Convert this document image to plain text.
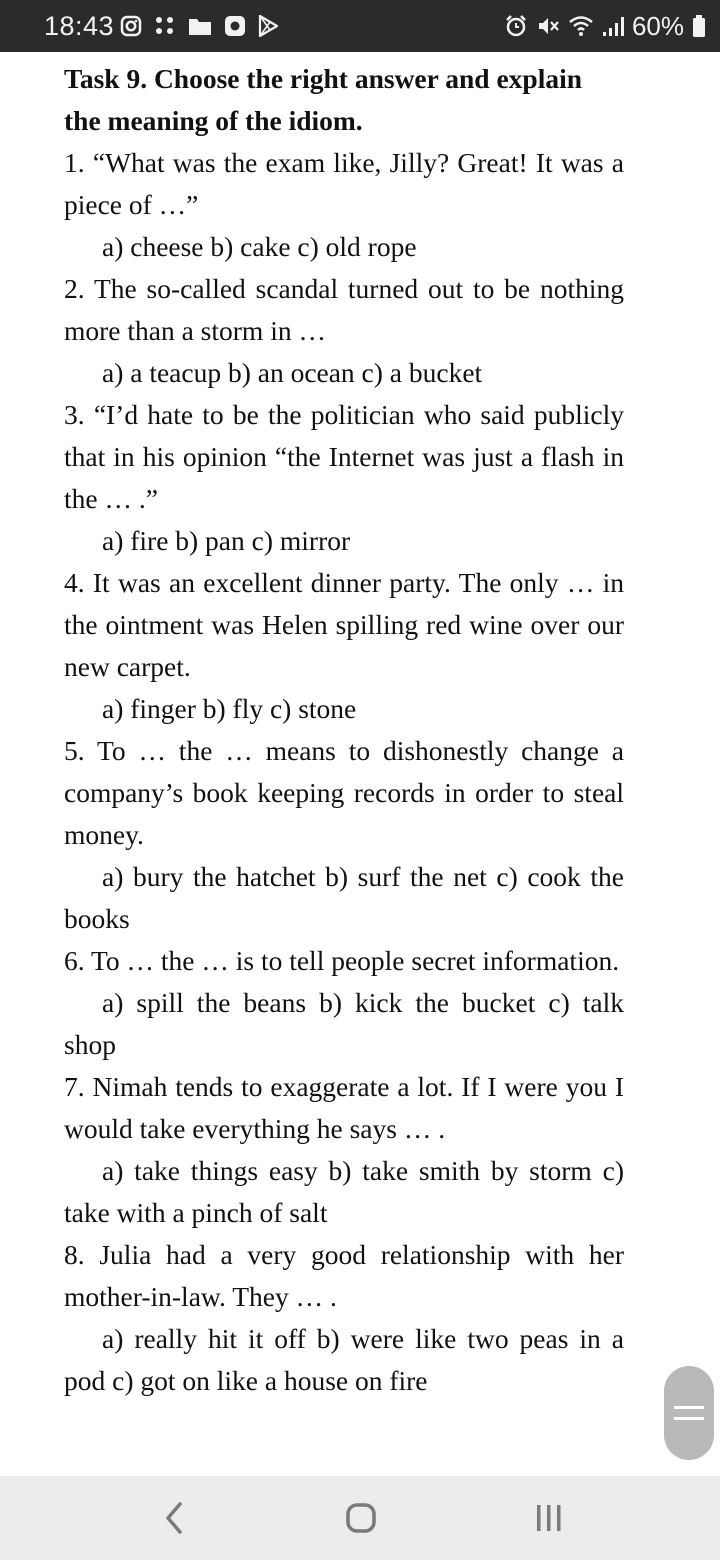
18:43	60%

Task 9. Choose the right answer and explain the meaning of the idiom.

1. “What was the exam like, Jilly? Great! It was a piece of …”

a) cheese b) cake c) old rope

2. The so-called scandal turned out to be nothing more than a storm in …

a) a teacup b) an ocean c) a bucket

3. “I’d hate to be the politician who said publicly that in his opinion “the Internet was just a flash in the … .”

a) fire b) pan c) mirror

4. It was an excellent dinner party. The only … in the ointment was Helen spilling red wine over our new carpet.

a) finger b) fly c) stone

5. To … the … means to dishonestly change a company’s book keeping records in order to steal money.

a) bury the hatchet b) surf the net c) cook the books

6. To … the … is to tell people secret information.

a) spill the beans b) kick the bucket c) talk shop

7. Nimah tends to exaggerate a lot. If I were you I would take everything he says … .

a) take things easy b) take smith by storm c) take with a pinch of salt

8. Julia had a very good relationship with her mother-in-law. They … .

a) really hit it off b) were like two peas in a pod c) got on like a house on fire
